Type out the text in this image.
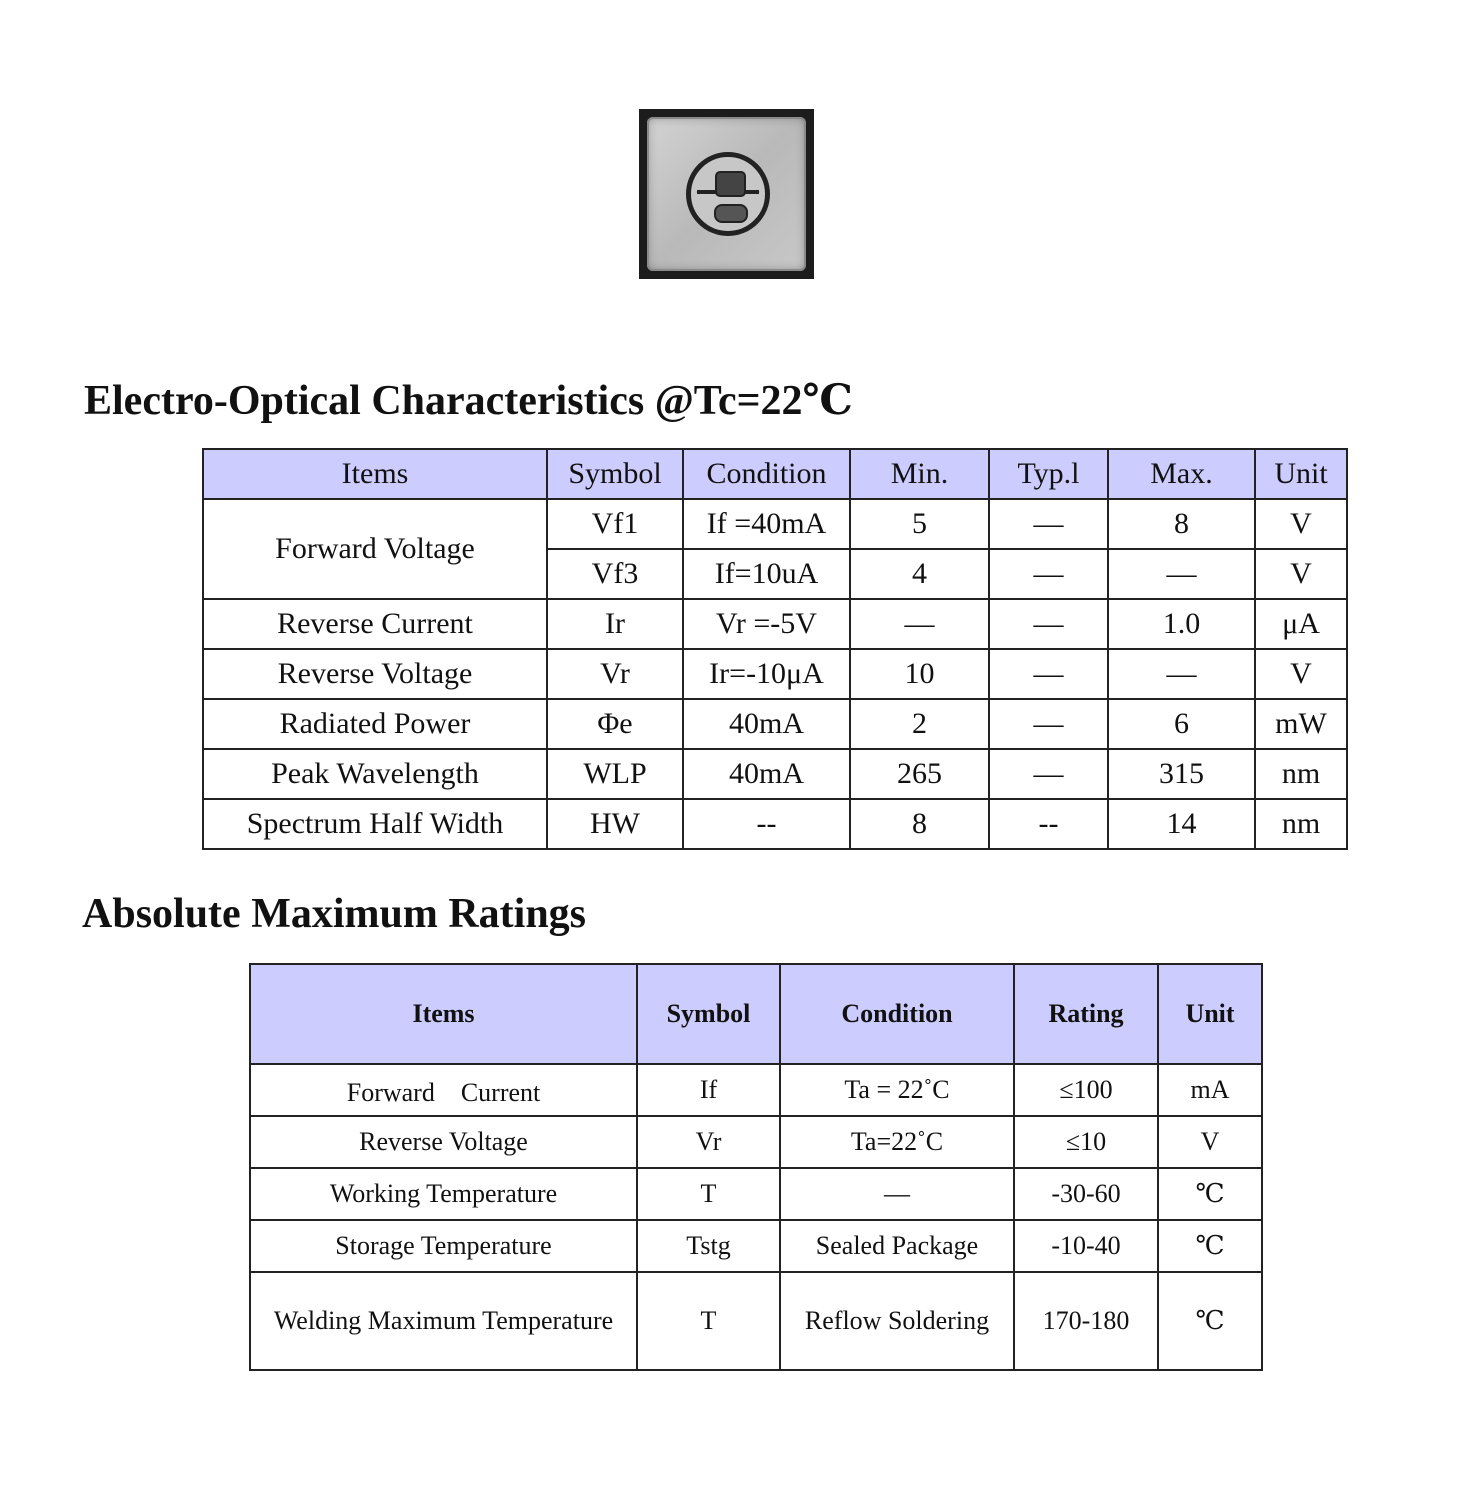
Electro-Optical Characteristics @Tc=22℃
Items	Symbol	Condition	Min.	Typ.l	Max.	Unit
Forward Voltage	Vf1	If =40mA	5	—	8	V
	Vf3	If=10uA	4	—	—	V
Reverse Current	Ir	Vr =-5V	—	—	1.0	μA
Reverse Voltage	Vr	Ir=-10μA	10	—	—	V
Radiated Power	Φe	40mA	2	—	6	mW
Peak Wavelength	WLP	40mA	265	—	315	nm
Spectrum Half Width	HW	--	8	--	14	nm
Absolute Maximum Ratings
Items	Symbol	Condition	Rating	Unit
Forward　Current	If	Ta = 22˚C	≤100	mA
Reverse Voltage	Vr	Ta=22˚C	≤10	V
Working Temperature	T	—	-30-60	℃
Storage Temperature	Tstg	Sealed Package	-10-40	℃
Welding Maximum Temperature	T	Reflow Soldering	170-180	℃
